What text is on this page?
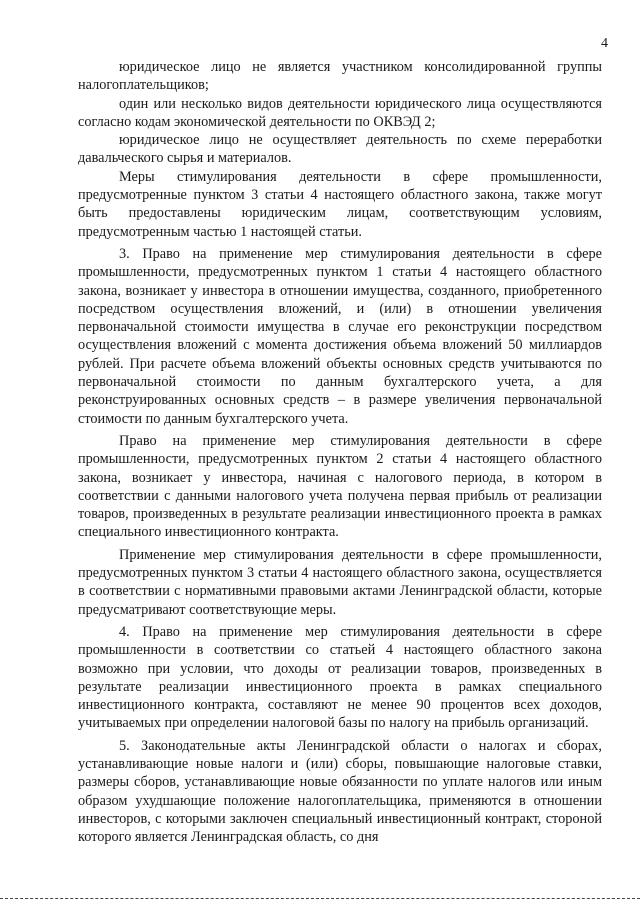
4

юридическое лицо не является участником консолидированной группы налогоплательщиков;

один или несколько видов деятельности юридического лица осуществляются согласно кодам экономической деятельности по ОКВЭД 2;

юридическое лицо не осуществляет деятельность по схеме переработки давальческого сырья и материалов.

Меры стимулирования деятельности в сфере промышленности, предусмотренные пунктом 3 статьи 4 настоящего областного закона, также могут быть предоставлены юридическим лицам, соответствующим условиям, предусмотренным частью 1 настоящей статьи.

3. Право на применение мер стимулирования деятельности в сфере промышленности, предусмотренных пунктом 1 статьи 4 настоящего областного закона, возникает у инвестора в отношении имущества, созданного, приобретенного посредством осуществления вложений, и (или) в отношении увеличения первоначальной стоимости имущества в случае его реконструкции посредством осуществления вложений с момента достижения объема вложений 50 миллиардов рублей. При расчете объема вложений объекты основных средств учитываются по первоначальной стоимости по данным бухгалтерского учета, а для реконструированных основных средств – в размере увеличения первоначальной стоимости по данным бухгалтерского учета.

Право на применение мер стимулирования деятельности в сфере промышленности, предусмотренных пунктом 2 статьи 4 настоящего областного закона, возникает у инвестора, начиная с налогового периода, в котором в соответствии с данными налогового учета получена первая прибыль от реализации товаров, произведенных в результате реализации инвестиционного проекта в рамках специального инвестиционного контракта.

Применение мер стимулирования деятельности в сфере промышленности, предусмотренных пунктом 3 статьи 4 настоящего областного закона, осуществляется в соответствии с нормативными правовыми актами Ленинградской области, которые предусматривают соответствующие меры.

4. Право на применение мер стимулирования деятельности в сфере промышленности в соответствии со статьей 4 настоящего областного закона возможно при условии, что доходы от реализации товаров, произведенных в результате реализации инвестиционного проекта в рамках специального инвестиционного контракта, составляют не менее 90 процентов всех доходов, учитываемых при определении налоговой базы по налогу на прибыль организаций.

5. Законодательные акты Ленинградской области о налогах и сборах, устанавливающие новые налоги и (или) сборы, повышающие налоговые ставки, размеры сборов, устанавливающие новые обязанности по уплате налогов или иным образом ухудшающие положение налогоплательщика, применяются в отношении инвесторов, с которыми заключен специальный инвестиционный контракт, стороной которого является Ленинградская область, со дня
